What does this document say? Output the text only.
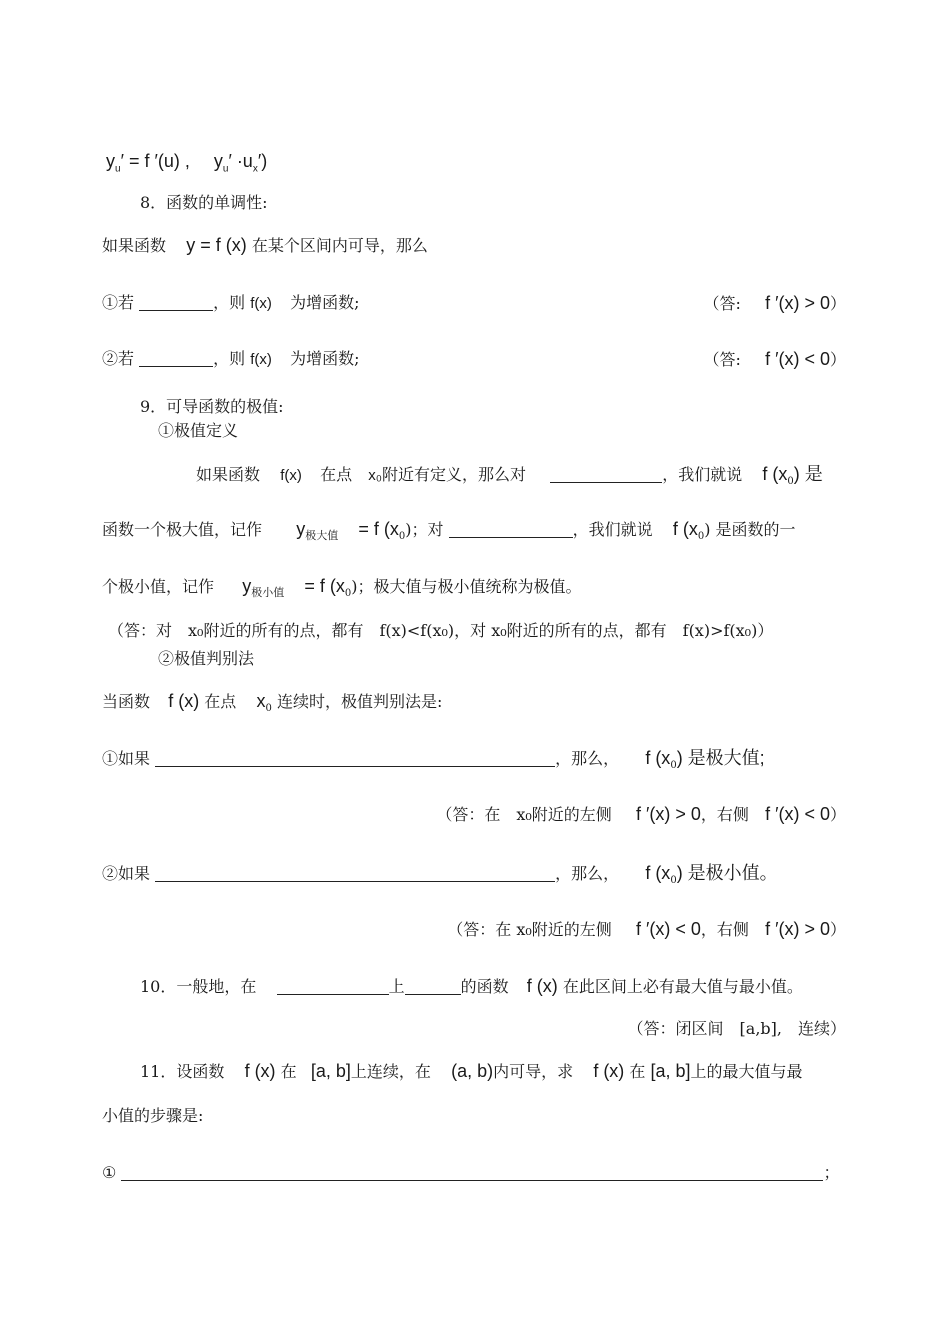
$y_u' = f$ ′(u) , $y_u' \cdot u_x'$)
8．函数的单调性:
如果函数 y = f (x) 在某个区间内可导，那么
①若	，则 f(x) 为增函数;	（答: f ′(x) > 0）
②若	，则 f(x) 为增函数;	（答: f ′(x) < 0）
9．可导函数的极值:
①极值定义
如果函数 f(x) 在点 x₀附近有定义，那么对	，我们就说 f $(x_0)$ 是
函数一个极大值，记作 $y_{极大值} = f$ $(x_0)$；对	，我们就说 f $(x_0)$ 是函数的一
个极小值，记作 $y_{极小值} = f$ $(x_0)$；极大值与极小值统称为极值。
（答：对　x₀附近的所有的点，都有　f(x)<f(x₀)，对 x₀附近的所有的点，都有　f(x)>f(x₀)）
②极值判别法
当函数 f (x) 在点 $x_0$ 连续时，极值判别法是:
①如果	，那么， f $(x_0)$ 是极大值;
（答：在　x₀附近的左侧 f ′(x) > 0，右侧 f ′(x) < 0）
②如果	，那么， f $(x_0)$ 是极小值。
（答：在 x₀附近的左侧 f ′(x) < 0，右侧 f ′(x) > 0）
10．一般地，在	上	的函数 f (x) 在此区间上必有最大值与最小值。
（答：闭区间　[a,b],　连续）
11．设函数 f (x) 在 [a, b]上连续，在 (a, b)内可导，求 f (x) 在 [a, b]上的最大值与最
小值的步骤是:
①	；
